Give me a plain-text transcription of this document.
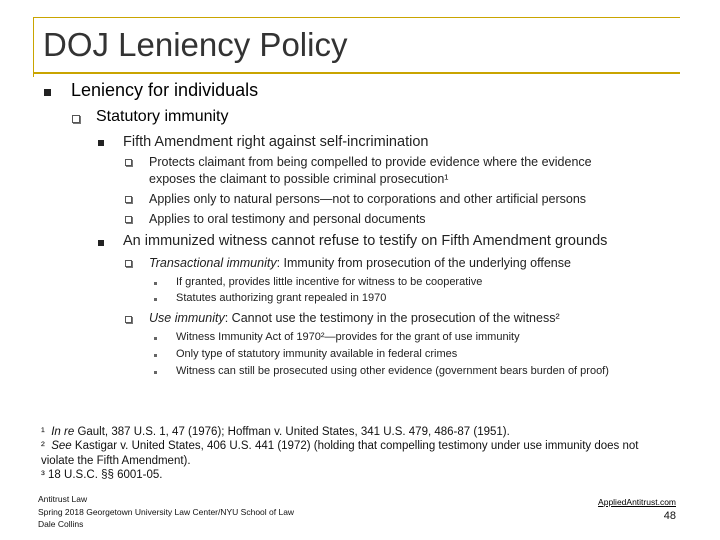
DOJ Leniency Policy
Leniency for individuals
Statutory immunity
Fifth Amendment right against self-incrimination
Protects claimant from being compelled to provide evidence where the evidence
exposes the claimant to possible criminal prosecution¹
Applies only to natural persons—not to corporations and other artificial persons
Applies to oral testimony and personal documents
An immunized witness cannot refuse to testify on Fifth Amendment grounds
Transactional immunity: Immunity from prosecution of the underlying offense
If granted, provides little incentive for witness to be cooperative
Statutes authorizing grant repealed in 1970
Use immunity: Cannot use the testimony in the prosecution of the witness²
Witness Immunity Act of 1970²—provides for the grant of use immunity
Only type of statutory immunity available in federal crimes
Witness can still be prosecuted using other evidence (government bears burden of proof)
¹ In re Gault, 387 U.S. 1, 47 (1976); Hoffman v. United States, 341 U.S. 479, 486-87 (1951).
² See Kastigar v. United States, 406 U.S. 441 (1972) (holding that compelling testimony under use immunity does not
violate the Fifth Amendment).
³ 18 U.S.C. §§ 6001-05.
Antitrust Law
Spring 2018 Georgetown University Law Center/NYU School of Law
Dale Collins
AppliedAntitrust.com
48
